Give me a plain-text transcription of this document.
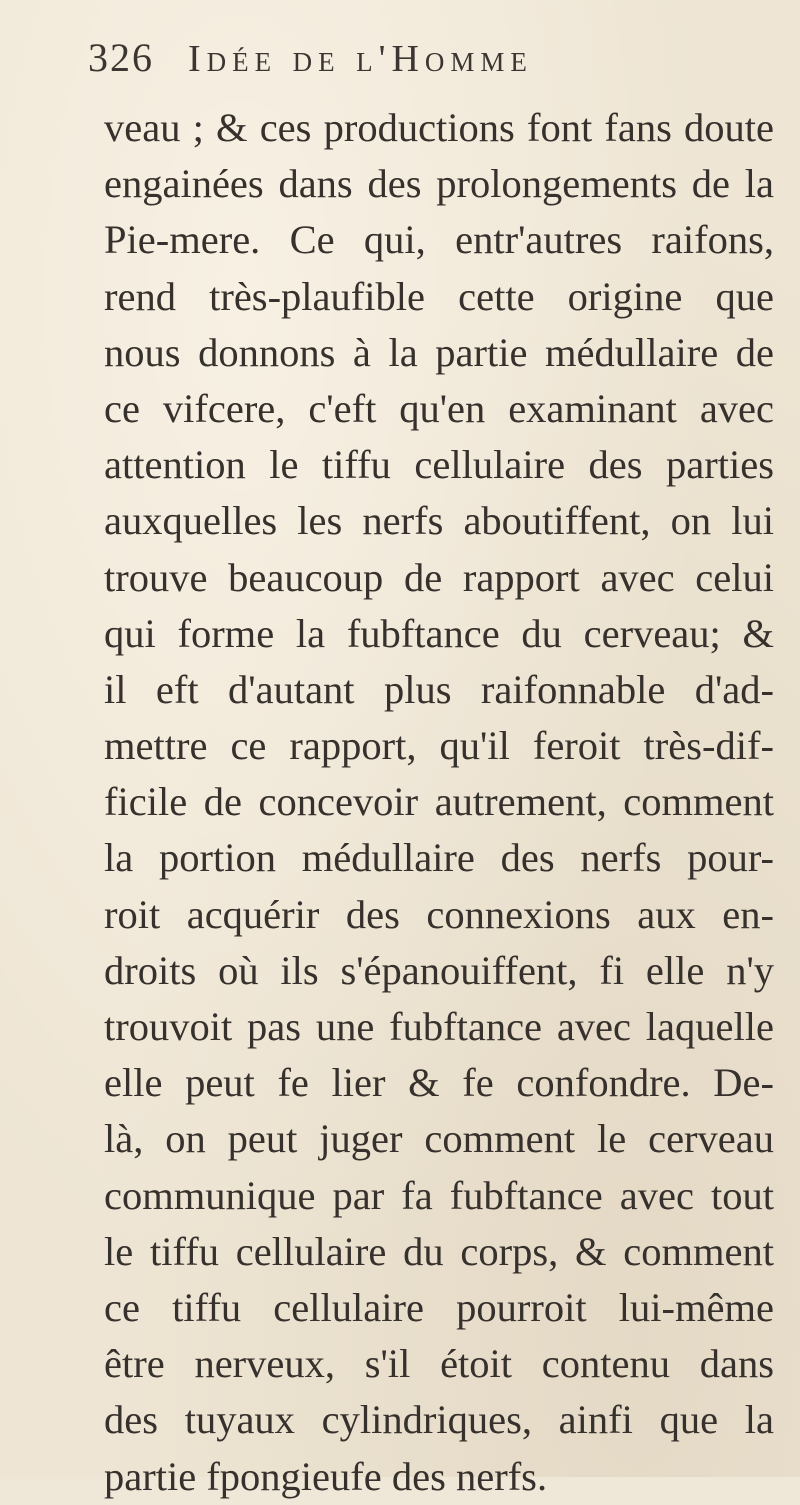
326 Idée de l'Homme
veau ; & ces productions font fans doute
engainées dans des prolongements de la
Pie-mere. Ce qui, entr'autres raifons,
rend très-plaufible cette origine que
nous donnons à la partie médullaire de
ce vifcere, c'eft qu'en examinant avec
attention le tiffu cellulaire des parties
auxquelles les nerfs aboutiffent, on lui
trouve beaucoup de rapport avec celui
qui forme la fubftance du cerveau; &
il eft d'autant plus raifonnable d'ad-
mettre ce rapport, qu'il feroit très-dif-
ficile de concevoir autrement, comment
la portion médullaire des nerfs pour-
roit acquérir des connexions aux en-
droits où ils s'épanouiffent, fi elle n'y
trouvoit pas une fubftance avec laquelle
elle peut fe lier & fe confondre. De-
là, on peut juger comment le cerveau
communique par fa fubftance avec tout
le tiffu cellulaire du corps, & comment
ce tiffu cellulaire pourroit lui-même
être nerveux, s'il étoit contenu dans
des tuyaux cylindriques, ainfi que la
partie fpongieufe des nerfs.
